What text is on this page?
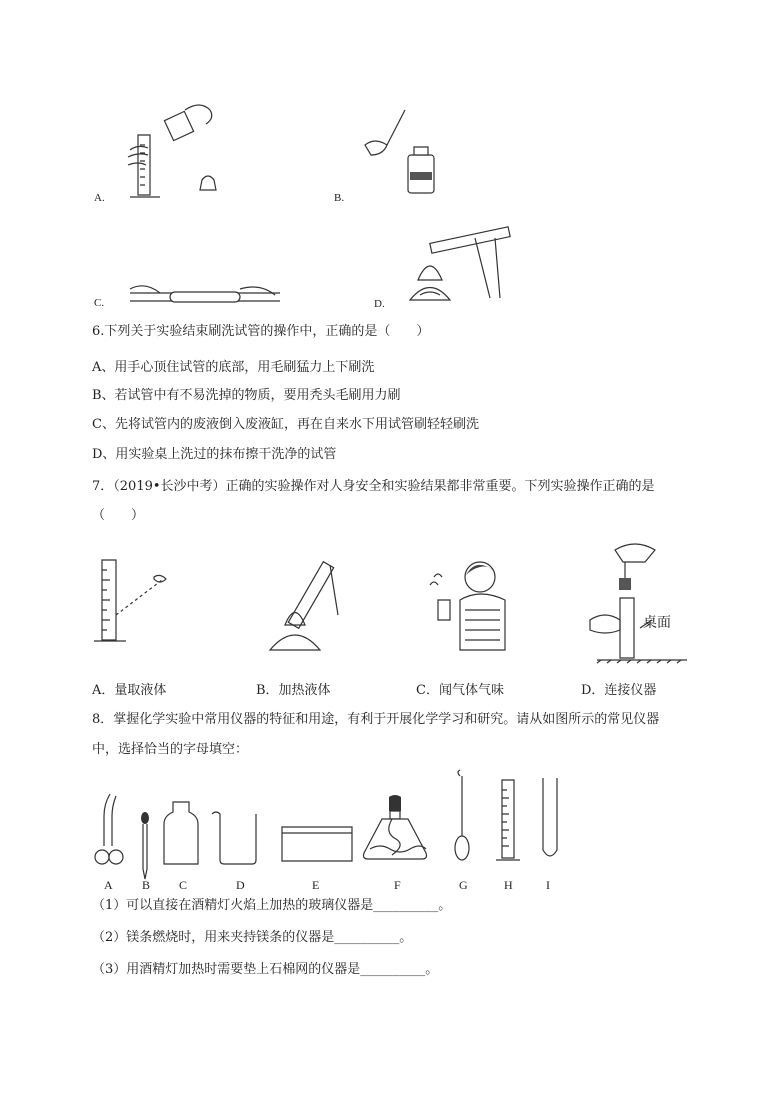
A.	B.
C.	D.
6.下列关于实验结束刷洗试管的操作中，正确的是（　　）
A、用手心顶住试管的底部，用毛刷猛力上下刷洗
B、若试管中有不易洗掉的物质，要用秃头毛刷用力刷
C、先将试管内的废液倒入废液缸，再在自来水下用试管刷轻轻刷洗
D、用实验桌上洗过的抹布擦干洗净的试管
7．（2019•长沙中考）正确的实验操作对人身安全和实验结果都非常重要。下列实验操作正确的是
（　　）
桌面
A．量取液体	B．加热液体	C．闻气体气味	D．连接仪器
8．掌握化学实验中常用仪器的特征和用途，有利于开展化学学习和研究。请从如图所示的常见仪器
中，选择恰当的字母填空：
A B C	D	E	F	G	H	I
（1）可以直接在酒精灯火焰上加热的玻璃仪器是__________。
（2）镁条燃烧时，用来夹持镁条的仪器是__________。
（3）用酒精灯加热时需要垫上石棉网的仪器是__________。
